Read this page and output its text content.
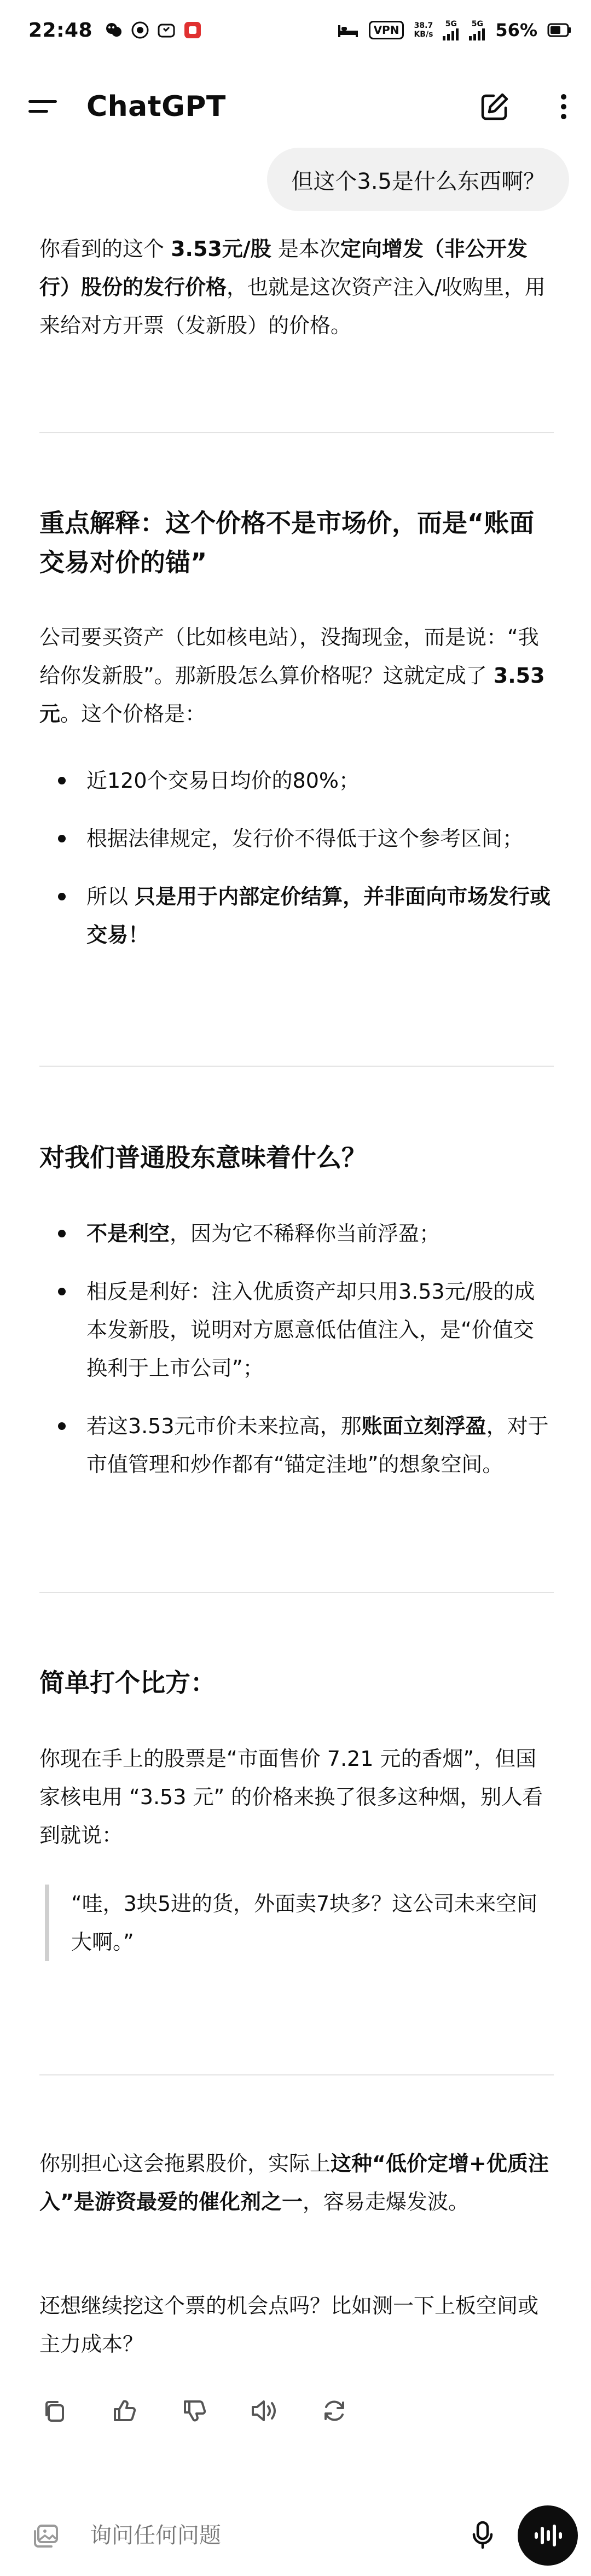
22:48	VPN	38.7
KB/s
5G	5G 56%
ChatGPT
但这个3.5是什么东西啊？

你看到的这个 3.53元/股 是本次定向增发（非公开发行）股份的发行价格，也就是这次资产注入/收购里，用来给对方开票（发新股）的价格。

重点解释：这个价格不是市场价，而是“账面交易对价的锚”
公司要买资产（比如核电站），没掏现金，而是说：“我给你发新股”。那新股怎么算价格呢？这就定成了 3.53 元。这个价格是：
近120个交易日均价的80%；
根据法律规定，发行价不得低于这个参考区间；
所以 只是用于内部定价结算，并非面向市场发行或交易！
对我们普通股东意味着什么？
不是利空，因为它不稀释你当前浮盈；
相反是利好：注入优质资产却只用3.53元/股的成本发新股，说明对方愿意低估值注入，是“价值交换利于上市公司”；
若这3.53元市价未来拉高，那账面立刻浮盈，对于市值管理和炒作都有“锚定洼地”的想象空间。
简单打个比方：
你现在手上的股票是“市面售价 7.21 元的香烟”，但国家核电用 “3.53 元” 的价格来换了很多这种烟，别人看到就说：
“哇，3块5进的货，外面卖7块多？这公司未来空间大啊。”
你别担心这会拖累股价，实际上这种“低价定增+优质注入”是游资最爱的催化剂之一，容易走爆发波。
还想继续挖这个票的机会点吗？比如测一下上板空间或主力成本？
询问任何问题
